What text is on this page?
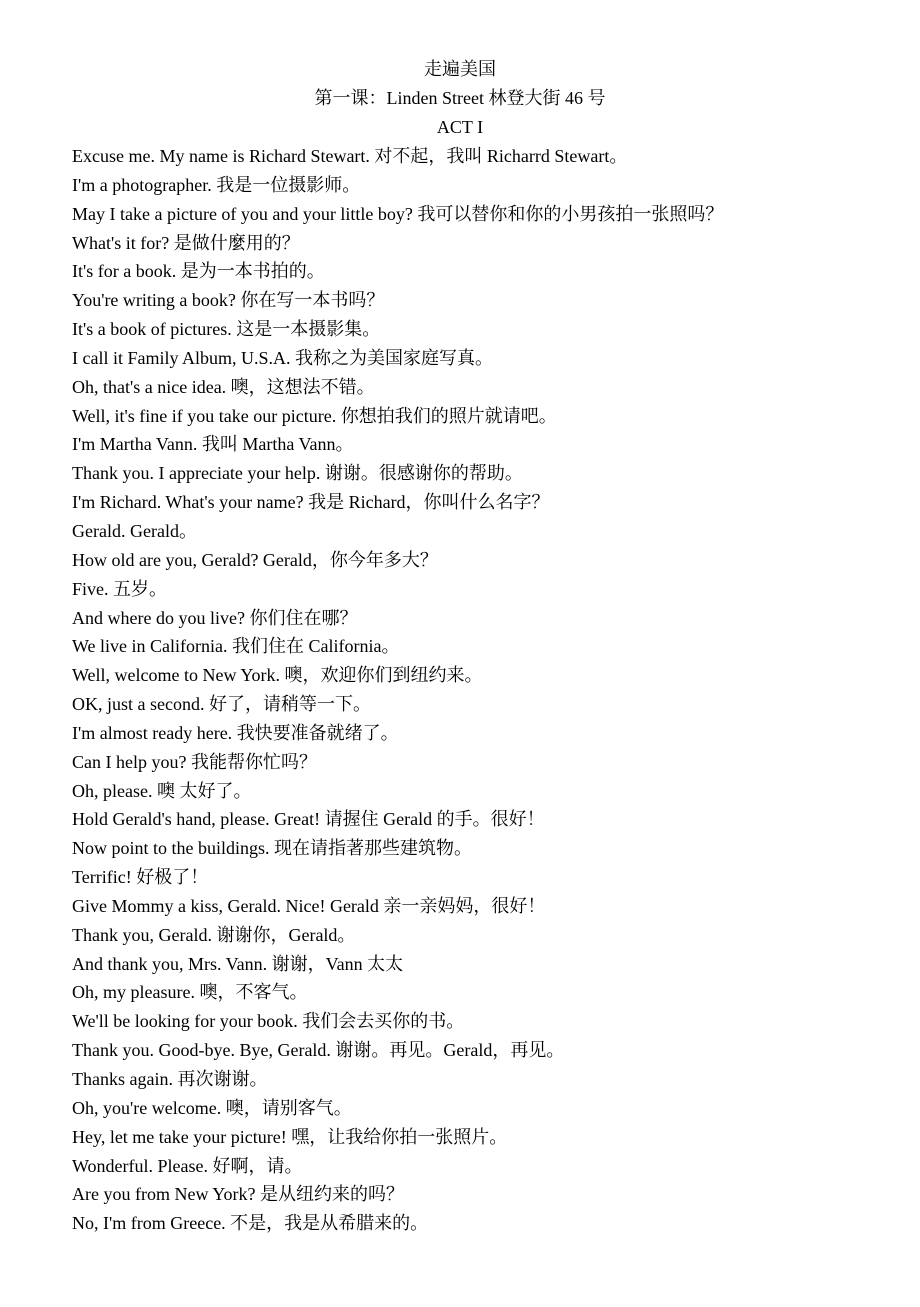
走遍美国
第一课：Linden Street 林登大街 46 号
ACT I
Excuse me. My name is Richard Stewart. 对不起，我叫 Richarrd Stewart。
I'm a photographer. 我是一位摄影师。
May I take a picture of you and your little boy? 我可以替你和你的小男孩拍一张照吗？
What's it for? 是做什麼用的？
It's for a book. 是为一本书拍的。
You're writing a book? 你在写一本书吗？
It's a book of pictures. 这是一本摄影集。
I call it Family Album, U.S.A. 我称之为美国家庭写真。
Oh, that's a nice idea. 噢，这想法不错。
Well, it's fine if you take our picture. 你想拍我们的照片就请吧。
I'm Martha Vann. 我叫 Martha Vann。
Thank you. I appreciate your help. 谢谢。很感谢你的帮助。
I'm Richard. What's your name? 我是 Richard，你叫什么名字？
Gerald. Gerald。
How old are you, Gerald? Gerald，你今年多大？
Five. 五岁。
And where do you live? 你们住在哪？
We live in California. 我们住在 California。
Well, welcome to New York. 噢，欢迎你们到纽约来。
OK, just a second. 好了，请稍等一下。
I'm almost ready here. 我快要准备就绪了。
Can I help you? 我能帮你忙吗？
Oh, please. 噢 太好了。
Hold Gerald's hand, please. Great! 请握住 Gerald 的手。很好！
Now point to the buildings. 现在请指著那些建筑物。
Terrific! 好极了！
Give Mommy a kiss, Gerald. Nice! Gerald 亲一亲妈妈，很好！
Thank you, Gerald. 谢谢你，Gerald。
And thank you, Mrs. Vann. 谢谢，Vann 太太
Oh, my pleasure. 噢，不客气。
We'll be looking for your book. 我们会去买你的书。
Thank you. Good-bye. Bye, Gerald. 谢谢。再见。Gerald，再见。
Thanks again. 再次谢谢。
Oh, you're welcome. 噢，请别客气。
Hey, let me take your picture! 嘿，让我给你拍一张照片。
Wonderful. Please. 好啊，请。
Are you from New York? 是从纽约来的吗？
No, I'm from Greece. 不是，我是从希腊来的。
